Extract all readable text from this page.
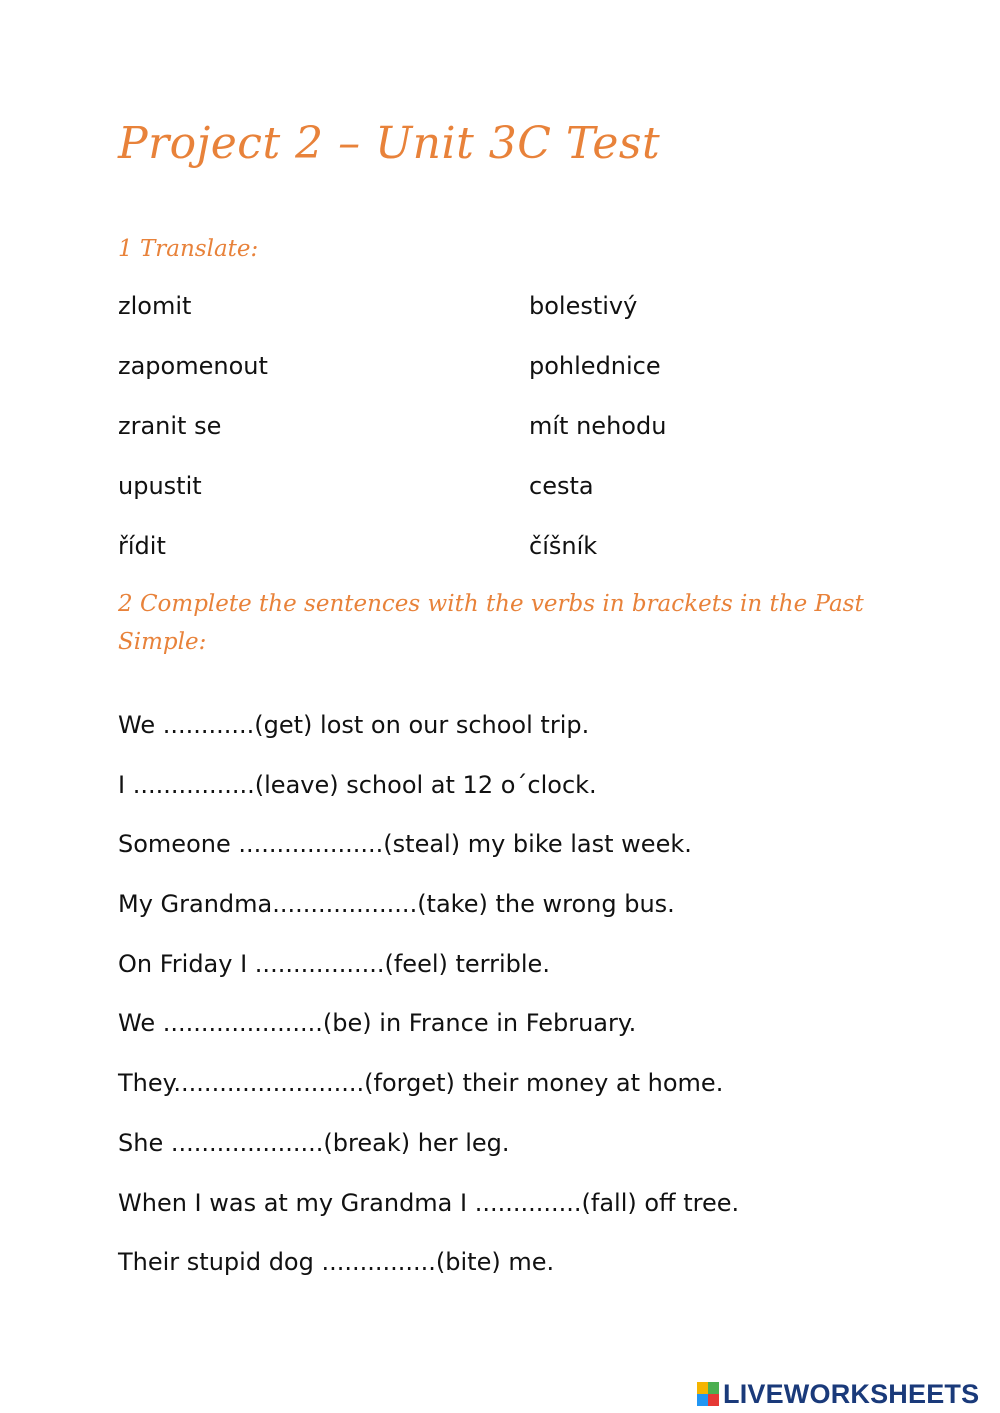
Project 2 – Unit 3C Test
1 Translate:
zlomit	bolestivý
zapomenout	pohlednice
zranit se	mít nehodu
upustit	cesta
řídit	číšník
2 Complete the sentences with the verbs in brackets in the Past
Simple:
We ............(get) lost on our school trip.
I ................(leave) school at 12 o´clock.
Someone ...................(steal) my bike last week.
My Grandma...................(take) the wrong bus.
On Friday I .................(feel) terrible.
We .....................(be) in France in February.
They.........................(forget) their money at home.
She ....................(break) her leg.
When I was at my Grandma I ..............(fall) off tree.
Their stupid dog ...............(bite) me.
LIVEWORKSHEETS
